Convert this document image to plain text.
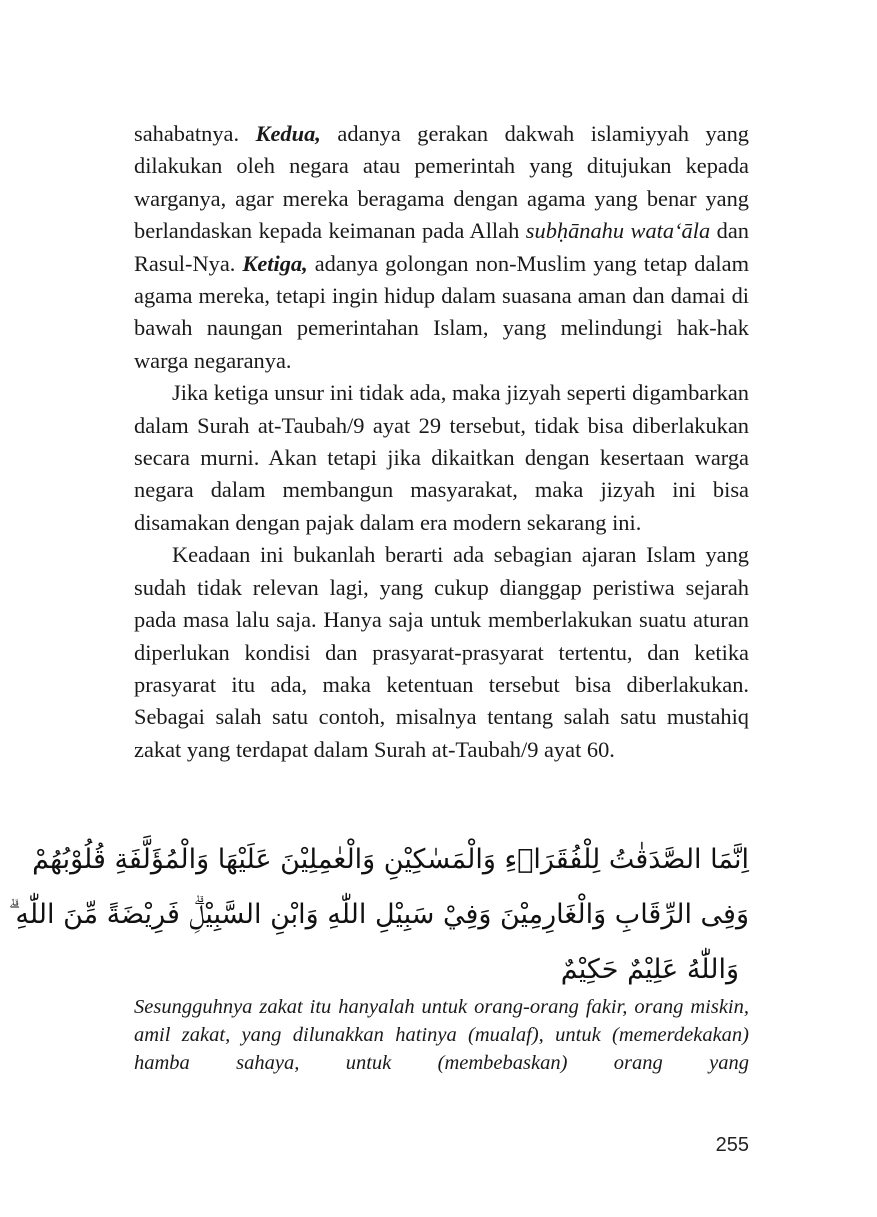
sahabatnya. Kedua, adanya gerakan dakwah islamiyyah yang dilakukan oleh negara atau pemerintah yang ditujukan kepada warganya, agar mereka beragama dengan agama yang benar yang berlandaskan kepada keimanan pada Allah subḥānahu wata‘āla dan Rasul-Nya. Ketiga, adanya golongan non-Muslim yang tetap dalam agama mereka, tetapi ingin hidup dalam suasana aman dan damai di bawah naungan pemerintahan Islam, yang melindungi hak-hak warga negaranya.

Jika ketiga unsur ini tidak ada, maka jizyah seperti digambarkan dalam Surah at-Taubah/9 ayat 29 tersebut, tidak bisa diberlakukan secara murni. Akan tetapi jika dikaitkan dengan kesertaan warga negara dalam membangun masyarakat, maka jizyah ini bisa disamakan dengan pajak dalam era modern sekarang ini.

Keadaan ini bukanlah berarti ada sebagian ajaran Islam yang sudah tidak relevan lagi, yang cukup dianggap peristiwa sejarah pada masa lalu saja. Hanya saja untuk memberlakukan suatu aturan diperlukan kondisi dan prasyarat-prasyarat tertentu, dan ketika prasyarat itu ada, maka ketentuan tersebut bisa diberlakukan. Sebagai salah satu contoh, misalnya tentang salah satu mustahiq zakat yang terdapat dalam Surah at-Taubah/9 ayat 60.

اِنَّمَا الصَّدَقٰتُ لِلْفُقَرَاۤءِ وَالْمَسٰكِيْنِ وَالْعٰمِلِيْنَ عَلَيْهَا وَالْمُؤَلَّفَةِ قُلُوْبُهُمْ

وَفِى الرِّقَابِ وَالْغَارِمِيْنَ وَفِيْ سَبِيْلِ اللّٰهِ وَابْنِ السَّبِيْلِۗ فَرِيْضَةً مِّنَ اللّٰهِ ۗ

وَاللّٰهُ عَلِيْمٌ حَكِيْمٌ

Sesungguhnya zakat itu hanyalah untuk orang-orang fakir, orang miskin, amil zakat, yang dilunakkan hatinya (mualaf), untuk (memerdekakan) hamba sahaya, untuk (membebaskan) orang yang

255
